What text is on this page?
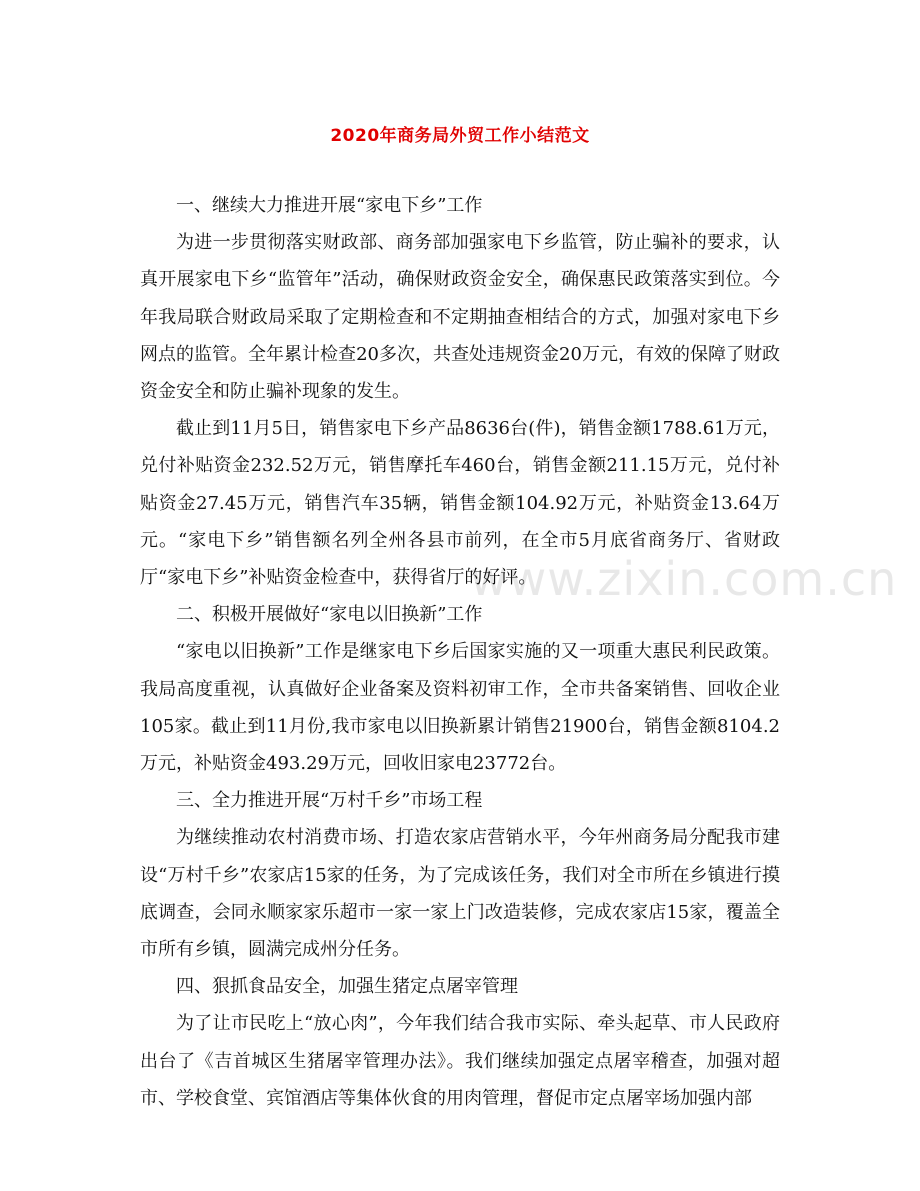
www.zixin.com.cn
2020年商务局外贸工作小结范文

一、继续大力推进开展“家电下乡”工作

为进一步贯彻落实财政部、商务部加强家电下乡监管，防止骗补的要求，认真开展家电下乡“监管年”活动，确保财政资金安全，确保惠民政策落实到位。今年我局联合财政局采取了定期检查和不定期抽查相结合的方式，加强对家电下乡网点的监管。全年累计检查20多次，共查处违规资金20万元，有效的保障了财政资金安全和防止骗补现象的发生。

截止到11月5日，销售家电下乡产品8636台(件)，销售金额1788.61万元，兑付补贴资金232.52万元，销售摩托车460台，销售金额211.15万元，兑付补贴资金27.45万元，销售汽车35辆，销售金额104.92万元，补贴资金13.64万元。“家电下乡”销售额名列全州各县市前列，在全市5月底省商务厅、省财政厅“家电下乡”补贴资金检查中，获得省厅的好评。

二、积极开展做好“家电以旧换新”工作

“家电以旧换新”工作是继家电下乡后国家实施的又一项重大惠民利民政策。我局高度重视，认真做好企业备案及资料初审工作，全市共备案销售、回收企业105家。截止到11月份,我市家电以旧换新累计销售21900台，销售金额8104.2万元，补贴资金493.29万元，回收旧家电23772台。

三、全力推进开展“万村千乡”市场工程

为继续推动农村消费市场、打造农家店营销水平，今年州商务局分配我市建设“万村千乡”农家店15家的任务，为了完成该任务，我们对全市所在乡镇进行摸底调查，会同永顺家家乐超市一家一家上门改造装修，完成农家店15家，覆盖全市所有乡镇，圆满完成州分任务。

四、狠抓食品安全，加强生猪定点屠宰管理

为了让市民吃上“放心肉”，今年我们结合我市实际、牵头起草、市人民政府出台了《吉首城区生猪屠宰管理办法》。我们继续加强定点屠宰稽查，加强对超市、学校食堂、宾馆酒店等集体伙食的用肉管理，督促市定点屠宰场加强内部
